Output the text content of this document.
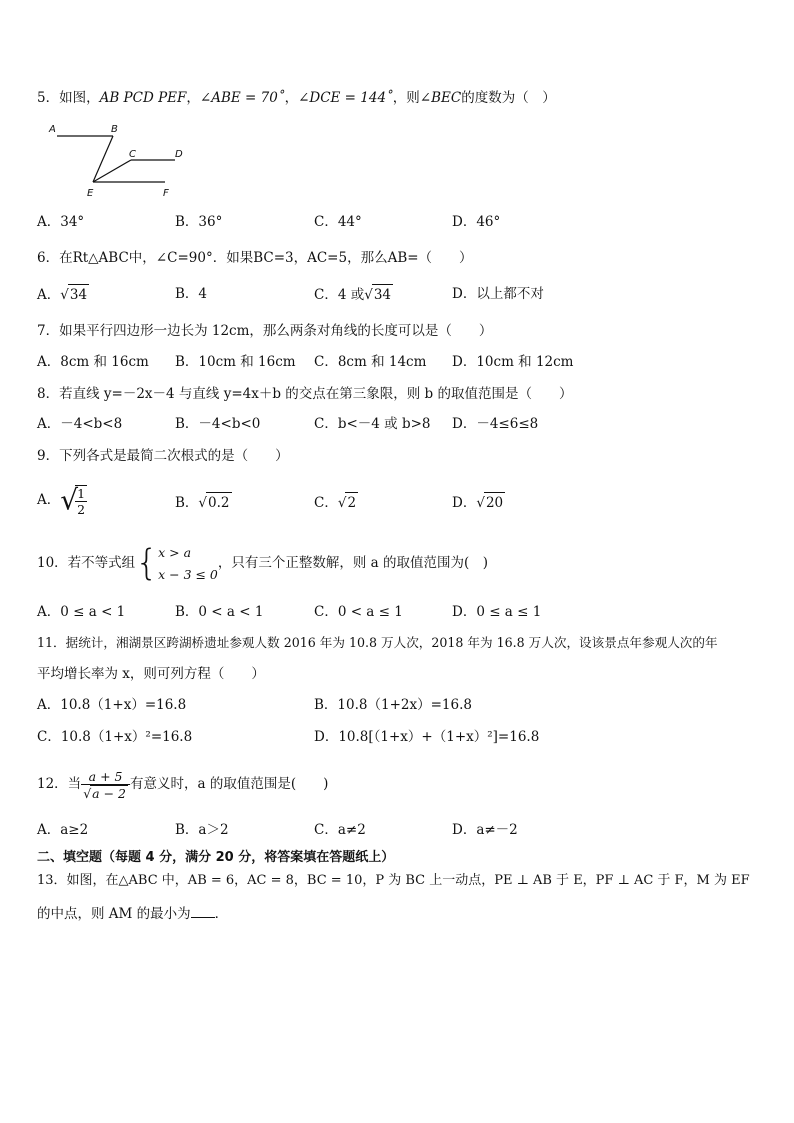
5．如图，AB PCD PEF，∠ABE = 70˚，∠DCE = 144˚，则∠BEC的度数为（　）
A	B
C	D
E	F
A．34°	B．36°	C．44°	D．46°
6．在Rt△ABC中，∠C=90°．如果BC=3，AC=5，那么AB=（　　）
A．√34	B．4	C．4 或√34	D．以上都不对
7．如果平行四边形一边长为 12cm，那么两条对角线的长度可以是（　　）
A．8cm 和 16cm B．10cm 和 16cm C．8cm 和 14cm D．10cm 和 12cm
8．若直线 y=－2x－4 与直线 y=4x＋b 的交点在第三象限，则 b 的取值范围是（　　）
A．－4<b<8	B．－4<b<0	C．b<－4 或 b>8 D．－4≤6≤8
9．下列各式是最简二次根式的是（　　）
A．√
$\frac{1}{2}$	B．√0.2	C．√2	D．√20
10．若不等式组{ x > a
x − 3 ≤ 0
，只有三个正整数解，则 a 的取值范围为(　)
A．0 ≤ a < 1	B．0 < a < 1	C．0 < a ≤ 1	D．0 ≤ a ≤ 1
11．据统计，湘湖景区跨湖桥遗址参观人数 2016 年为 10.8 万人次，2018 年为 16.8 万人次，设该景点年参观人次的年
平均增长率为 x，则可列方程（　　）
A．10.8（1+x）=16.8	B．10.8（1+2x）=16.8
C．10.8（1+x）²=16.8	D．10.8[（1+x）+（1+x）²]=16.8
12．当 $\frac{a + 5}{√a - 2}$ 有意义时，a 的取值范围是(　　)
A．a≥2	B．a＞2	C．a≠2	D．a≠－2
二、填空题（每题 4 分，满分 20 分，将答案填在答题纸上）
13．如图，在△ABC 中，AB = 6，AC = 8，BC = 10，P 为 BC 上一动点，PE ⊥ AB 于 E，PF ⊥ AC 于 F，M 为 EF
的中点，则 AM 的最小为 ．
